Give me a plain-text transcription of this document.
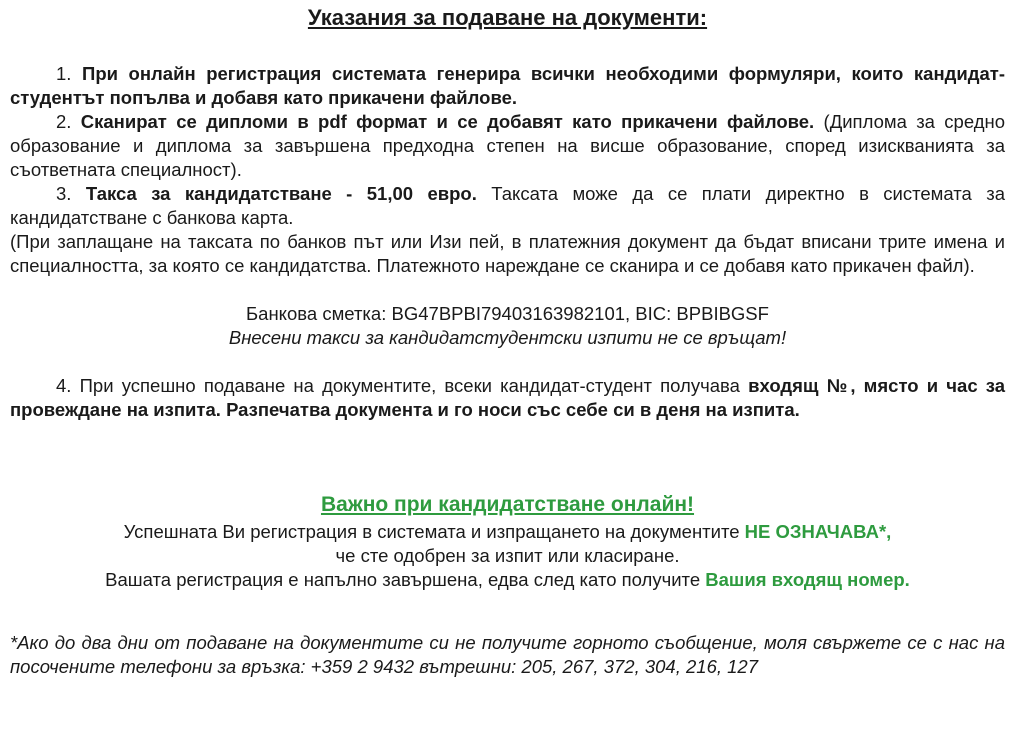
Указания за подаване на документи:

1. При онлайн регистрация системата генерира всички необходими формуляри, които кандидат-студентът попълва и добавя като прикачени файлове.

2. Сканират се дипломи в pdf формат и се добавят като прикачени файлове. (Диплома за средно образование и диплома за завършена предходна степен на висше образование, според изискванията за съответната специалност).

3. Такса за кандидатстване - 51,00 евро. Таксата може да се плати директно в системата за кандидатстване с банкова карта.

(При заплащане на таксата по банков път или Изи пей, в платежния документ да бъдат вписани трите имена и специалността, за която се кандидатства. Платежното нареждане се сканира и се добавя като прикачен файл).

Банкова сметка: BG47BPBI79403163982101, BIC: BPBIBGSF
Внесени такси за кандидатстудентски изпити не се връщат!

4. При успешно подаване на документите, всеки кандидат-студент получава входящ №, място и час за провеждане на изпита. Разпечатва документа и го носи със себе си в деня на изпита.

Важно при кандидатстване онлайн!
Успешната Ви регистрация в системата и изпращането на документите НЕ ОЗНАЧАВА*,
че сте одобрен за изпит или класиране.
Вашата регистрация е напълно завършена, едва след като получите Вашия входящ номер.

*Ако до два дни от подаване на документите си не получите горното съобщение, моля свържете се с нас на посочените телефони за връзка: +359 2 9432 вътрешни: 205, 267, 372, 304, 216, 127
